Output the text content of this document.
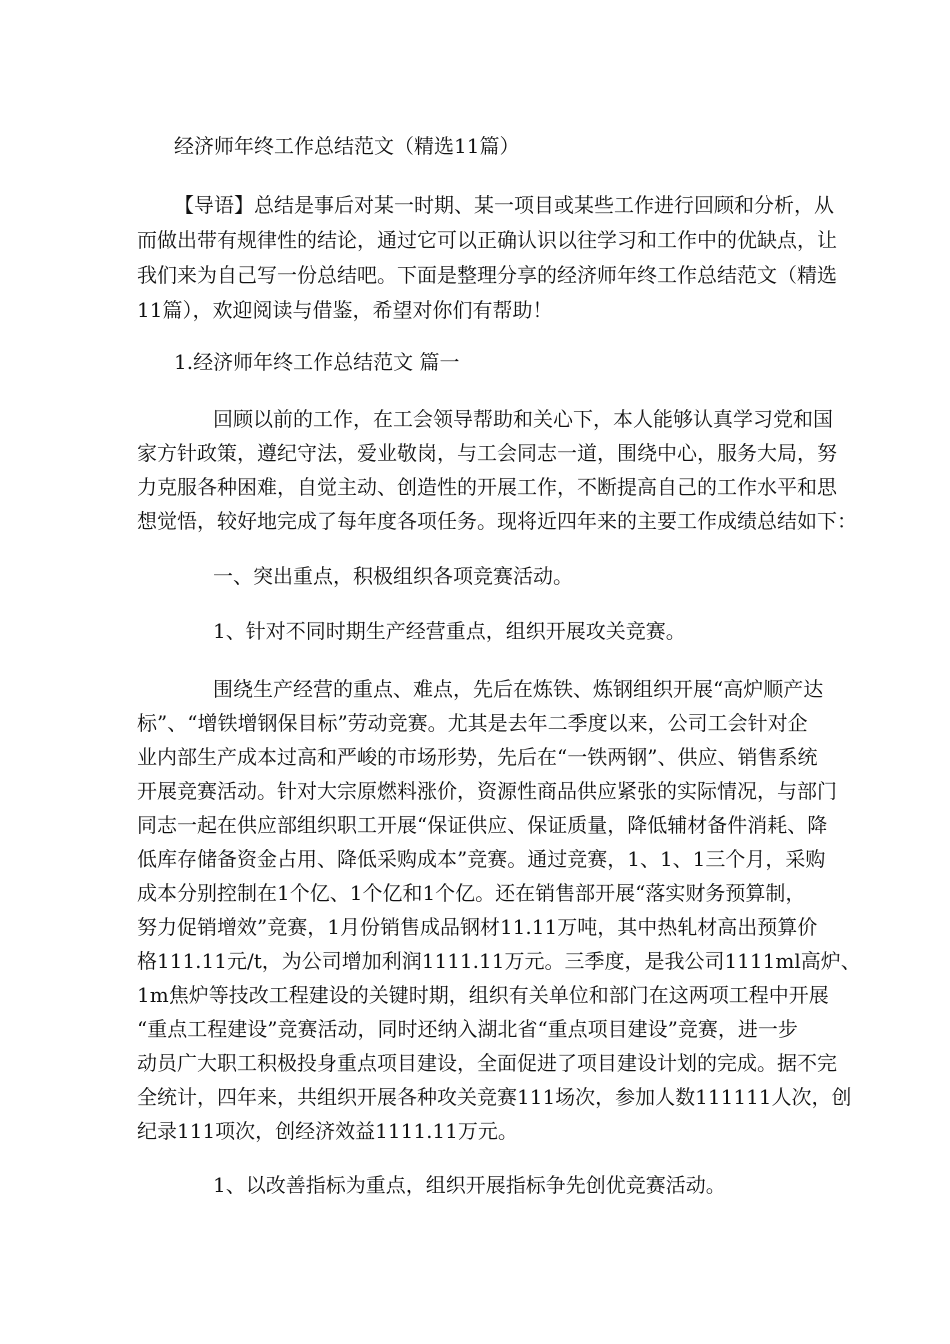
经济师年终工作总结范文（精选11篇）
【导语】总结是事后对某一时期、某一项目或某些工作进行回顾和分析，从
而做出带有规律性的结论，通过它可以正确认识以往学习和工作中的优缺点，让
我们来为自己写一份总结吧。下面是整理分享的经济师年终工作总结范文（精选
11篇），欢迎阅读与借鉴，希望对你们有帮助！
1.经济师年终工作总结范文 篇一
回顾以前的工作，在工会领导帮助和关心下，本人能够认真学习党和国
家方针政策，遵纪守法，爱业敬岗，与工会同志一道，围绕中心，服务大局，努
力克服各种困难，自觉主动、创造性的开展工作，不断提高自己的工作水平和思
想觉悟，较好地完成了每年度各项任务。现将近四年来的主要工作成绩总结如下：
一、突出重点，积极组织各项竞赛活动。
1、针对不同时期生产经营重点，组织开展攻关竞赛。
围绕生产经营的重点、难点，先后在炼铁、炼钢组织开展“高炉顺产达
标”、“增铁增钢保目标”劳动竞赛。尤其是去年二季度以来，公司工会针对企
业内部生产成本过高和严峻的市场形势，先后在“一铁两钢”、供应、销售系统
开展竞赛活动。针对大宗原燃料涨价，资源性商品供应紧张的实际情况，与部门
同志一起在供应部组织职工开展“保证供应、保证质量，降低辅材备件消耗、降
低库存储备资金占用、降低采购成本”竞赛。通过竞赛，1、1、1三个月，采购
成本分别控制在1个亿、1个亿和1个亿。还在销售部开展“落实财务预算制，
努力促销增效”竞赛，1月份销售成品钢材11.11万吨，其中热轧材高出预算价
格111.11元/t，为公司增加利润1111.11万元。三季度，是我公司1111ml高炉、
1m焦炉等技改工程建设的关键时期，组织有关单位和部门在这两项工程中开展
“重点工程建设”竞赛活动，同时还纳入湖北省“重点项目建设”竞赛，进一步
动员广大职工积极投身重点项目建设，全面促进了项目建设计划的完成。据不完
全统计，四年来，共组织开展各种攻关竞赛111场次，参加人数111111人次，创
纪录111项次，创经济效益1111.11万元。
1、以改善指标为重点，组织开展指标争先创优竞赛活动。
